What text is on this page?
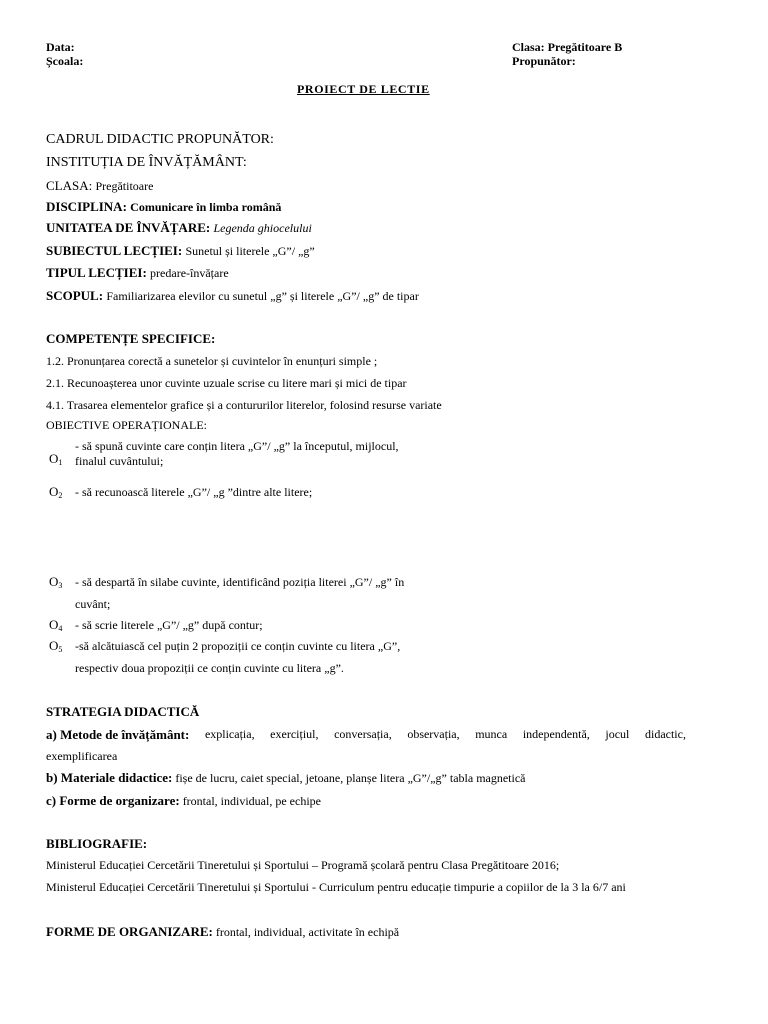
Data:
Școala:
Clasa: Pregătitoare B
Propunător:
PROIECT DE LECTIE
CADRUL DIDACTIC PROPUNĂTOR:
INSTITUȚIA DE ÎNVĂȚĂMÂNT:
CLASA: Pregătitoare
DISCIPLINA: Comunicare în limba română
UNITATEA DE ÎNVĂȚARE: Legenda ghiocelului
SUBIECTUL LECȚIEI: Sunetul și literele „G”/ „g”
TIPUL LECȚIEI: predare-învățare
SCOPUL: Familiarizarea elevilor cu sunetul „g” și literele „G”/ „g” de tipar
COMPETENȚE SPECIFICE:
1.2. Pronunțarea corectă a sunetelor și cuvintelor în enunțuri simple ;
2.1. Recunoașterea unor cuvinte uzuale scrise cu litere mari și mici de tipar
4.1. Trasarea elementelor grafice și a contururilor literelor, folosind resurse variate
OBIECTIVE OPERAȚIONALE:
$O_1$
- să spună cuvinte care conțin litera „G”/ „g” la începutul, mijlocul,
finalul cuvântului;
$O_2$ - să recunoască literele „G”/ „g ”dintre alte litere;
$O_3$ - să despartă în silabe cuvinte, identificând poziția literei „G”/ „g” în
cuvânt;
$O_4$ - să scrie literele „G”/ „g” după contur;
$O_5$ -să alcătuiască cel puțin 2 propoziții ce conțin cuvinte cu litera „G”,
respectiv doua propoziții ce conțin cuvinte cu litera „g”.
STRATEGIA DIDACTICĂ
a) Metode de învățământ: explicația, exercițiul, conversația, observația, munca independentă, jocul didactic,
exemplificarea
b) Materiale didactice: fișe de lucru, caiet special, jetoane, planșe litera „G”/„g” tabla magnetică
c) Forme de organizare: frontal, individual, pe echipe
BIBLIOGRAFIE:
Ministerul Educației Cercetării Tineretului și Sportului – Programă școlară pentru Clasa Pregătitoare 2016;
Ministerul Educației Cercetării Tineretului și Sportului - Curriculum pentru educație timpurie a copiilor de la 3 la 6/7 ani
FORME DE ORGANIZARE: frontal, individual, activitate în echipă
